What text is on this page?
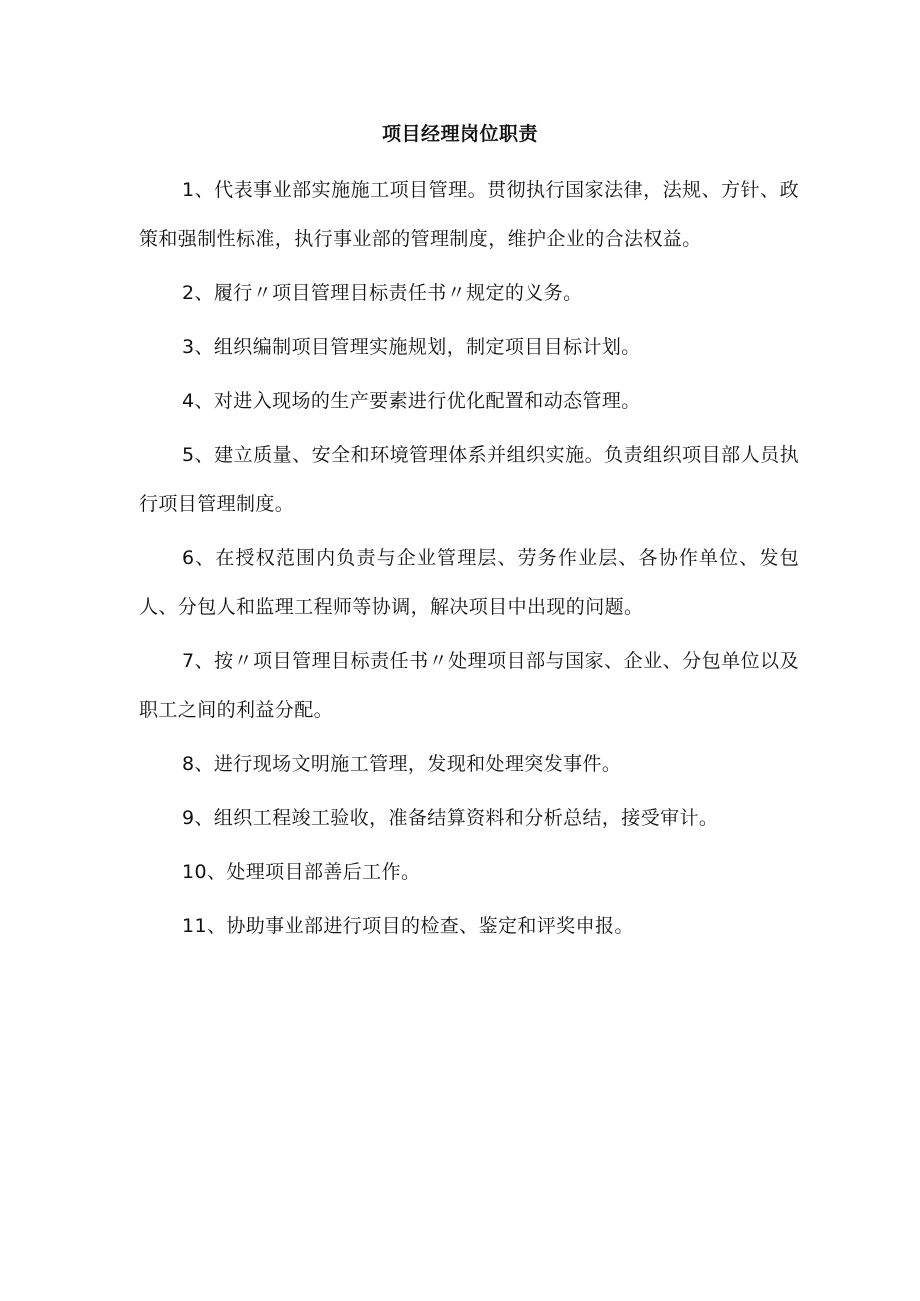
项目经理岗位职责
1、代表事业部实施施工项目管理。贯彻执行国家法律，法规、方针、政策和强制性标准，执行事业部的管理制度，维护企业的合法权益。
2、履行〃项目管理目标责任书〃规定的义务。
3、组织编制项目管理实施规划，制定项目目标计划。
4、对进入现场的生产要素进行优化配置和动态管理。
5、建立质量、安全和环境管理体系并组织实施。负责组织项目部人员执行项目管理制度。
6、在授权范围内负责与企业管理层、劳务作业层、各协作单位、发包人、分包人和监理工程师等协调，解决项目中出现的问题。
7、按〃项目管理目标责任书〃处理项目部与国家、企业、分包单位以及职工之间的利益分配。
8、进行现场文明施工管理，发现和处理突发事件。
9、组织工程竣工验收，准备结算资料和分析总结，接受审计。
10、处理项目部善后工作。
11、协助事业部进行项目的检查、鉴定和评奖申报。
